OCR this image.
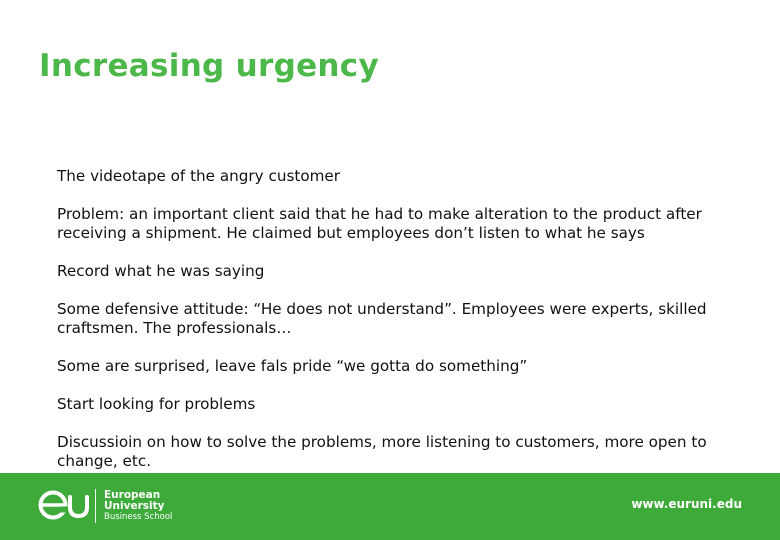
Increasing urgency

The videotape of the angry customer

Problem: an important client said that he had to make alteration to the product after receiving a shipment. He claimed but employees don’t listen to what he says

Record what he was saying

Some defensive attitude: “He does not understand”. Employees were experts, skilled craftsmen. The professionals…

Some are surprised, leave fals pride “we gotta do something”

Start looking for problems

Discussioin on how to solve the problems, more listening to customers, more open to change, etc.

European
University
Business School
www.euruni.edu
